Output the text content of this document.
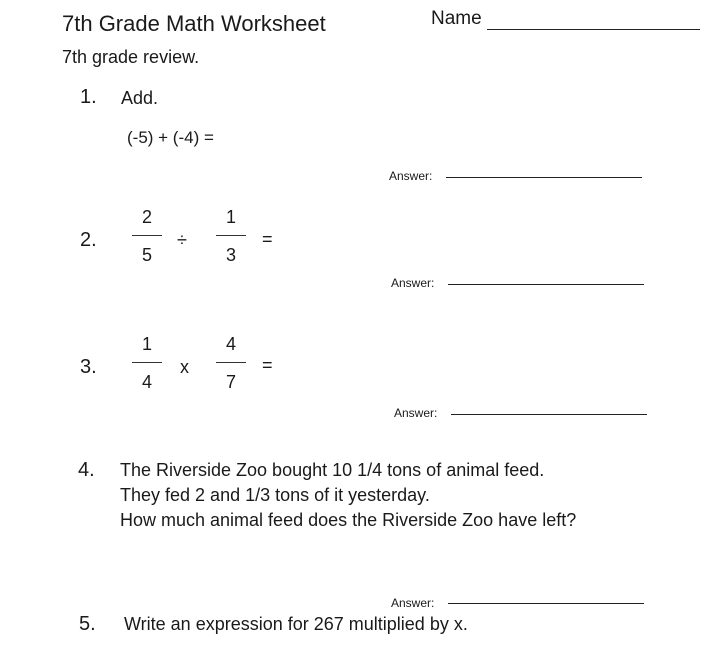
7th Grade Math Worksheet	Name
7th grade review.
1. Add.
(-5) + (-4) =
Answer:
2.
2
5
÷
1
3
=
Answer:
3.
1
4
x
4
7
=
Answer:
4. The Riverside Zoo bought 10 1/4 tons of animal feed.
They fed 2 and 1/3 tons of it yesterday.
How much animal feed does the Riverside Zoo have left?
Answer:
5. Write an expression for 267 multiplied by x.
